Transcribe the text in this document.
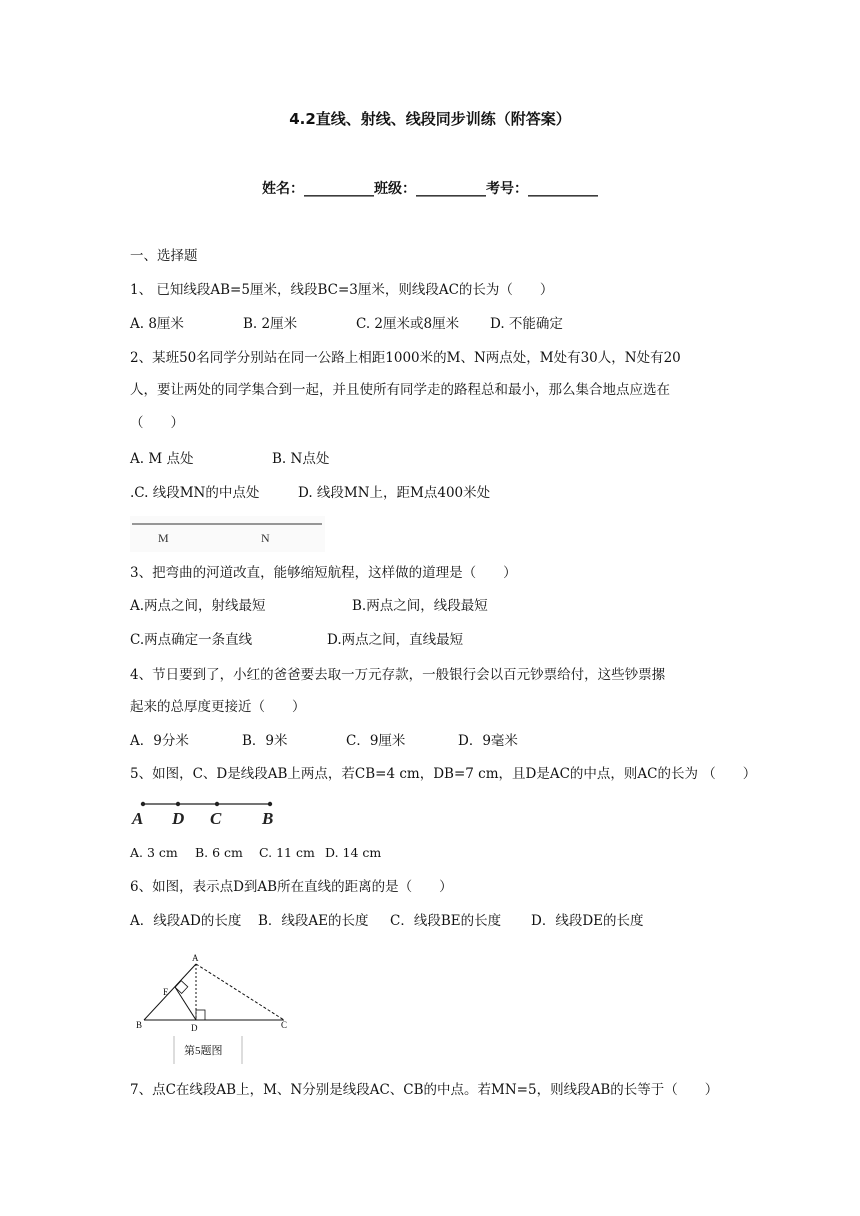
4.2直线、射线、线段同步训练（附答案）
姓名：__________班级：__________考号：__________
一、选择题
1、 已知线段AB=5厘米，线段BC=3厘米，则线段AC的长为（　　）
A. 8厘米	B. 2厘米	C. 2厘米或8厘米 D. 不能确定
2、某班50名同学分别站在同一公路上相距1000米的M、N两点处，M处有30人，N处有20
人，要让两处的同学集合到一起，并且使所有同学走的路程总和最小，那么集合地点应选在
（　　）
A. M 点处	B. N点处
.C. 线段MN的中点处	D. 线段MN上，距M点400米处
M	N
3、把弯曲的河道改直，能够缩短航程，这样做的道理是（　　）
A.两点之间，射线最短	B.两点之间，线段最短
C.两点确定一条直线	D.两点之间，直线最短
4、节日要到了，小红的爸爸要去取一万元存款，一般银行会以百元钞票给付，这些钞票摞
起来的总厚度更接近（　　）
A．9分米	B．9米	C．9厘米	D．9毫米
5、如图，C、D是线段AB上两点，若CB=4 cm，DB=7 cm，且D是AC的中点，则AC的长为 （　　）
A D C B
A. 3 cm B. 6 cm C. 11 cm D. 14 cm
6、如图，表示点D到AB所在直线的距离的是（　　）
A．线段AD的长度 B．线段AE的长度 C．线段BE的长度 D．线段DE的长度
A
E
B	D	C
第5题图
7、点C在线段AB上，M、N分别是线段AC、CB的中点。若MN=5，则线段AB的长等于（　　）
